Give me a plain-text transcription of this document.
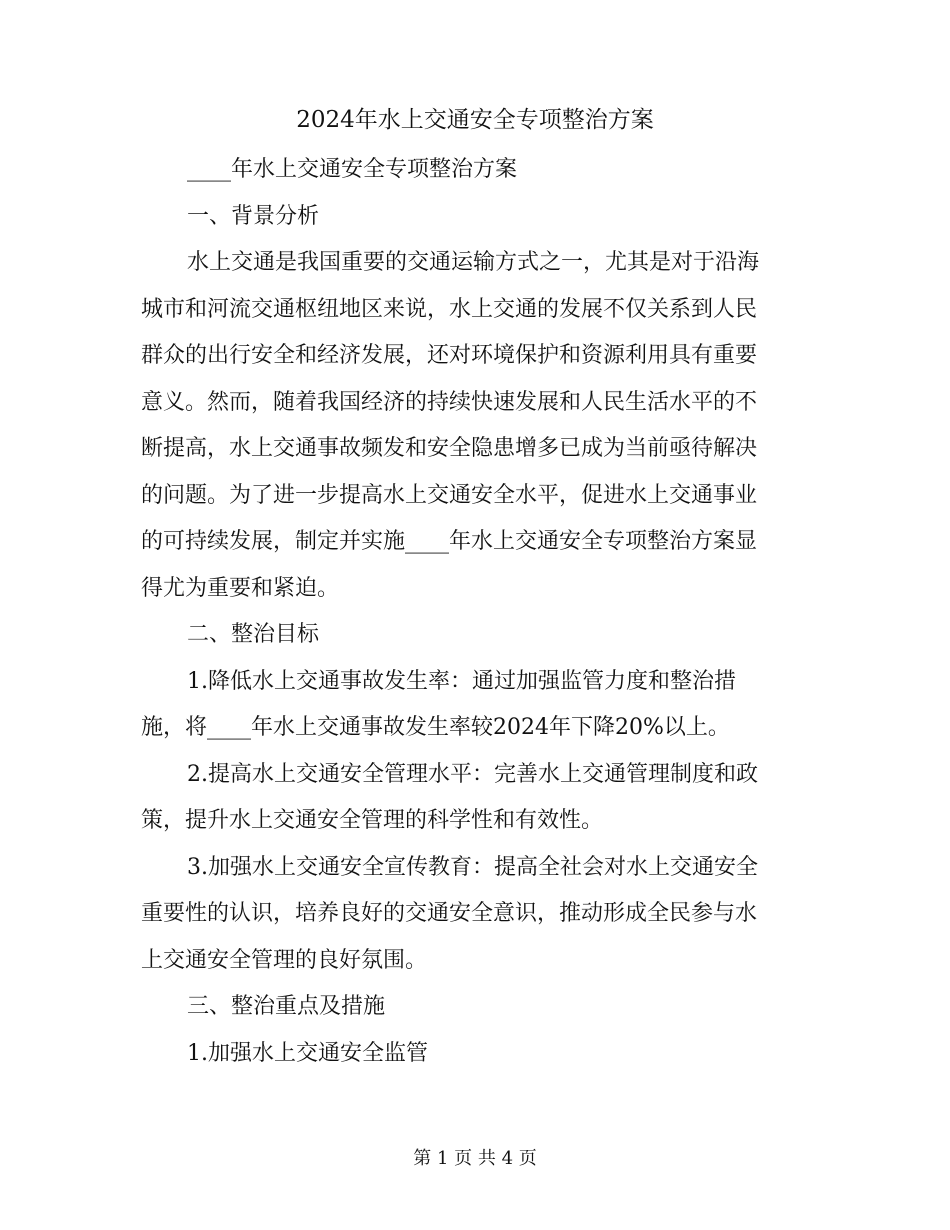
2024年水上交通安全专项整治方案
____年水上交通安全专项整治方案
一、背景分析
水上交通是我国重要的交通运输方式之一，尤其是对于沿海
城市和河流交通枢纽地区来说，水上交通的发展不仅关系到人民
群众的出行安全和经济发展，还对环境保护和资源利用具有重要
意义。然而，随着我国经济的持续快速发展和人民生活水平的不
断提高，水上交通事故频发和安全隐患增多已成为当前亟待解决
的问题。为了进一步提高水上交通安全水平，促进水上交通事业
的可持续发展，制定并实施____年水上交通安全专项整治方案显
得尤为重要和紧迫。
二、整治目标
1.降低水上交通事故发生率：通过加强监管力度和整治措
施，将____年水上交通事故发生率较2024年下降20%以上。
2.提高水上交通安全管理水平：完善水上交通管理制度和政
策，提升水上交通安全管理的科学性和有效性。
3.加强水上交通安全宣传教育：提高全社会对水上交通安全
重要性的认识，培养良好的交通安全意识，推动形成全民参与水
上交通安全管理的良好氛围。
三、整治重点及措施
1.加强水上交通安全监管
第 1 页 共 4 页
